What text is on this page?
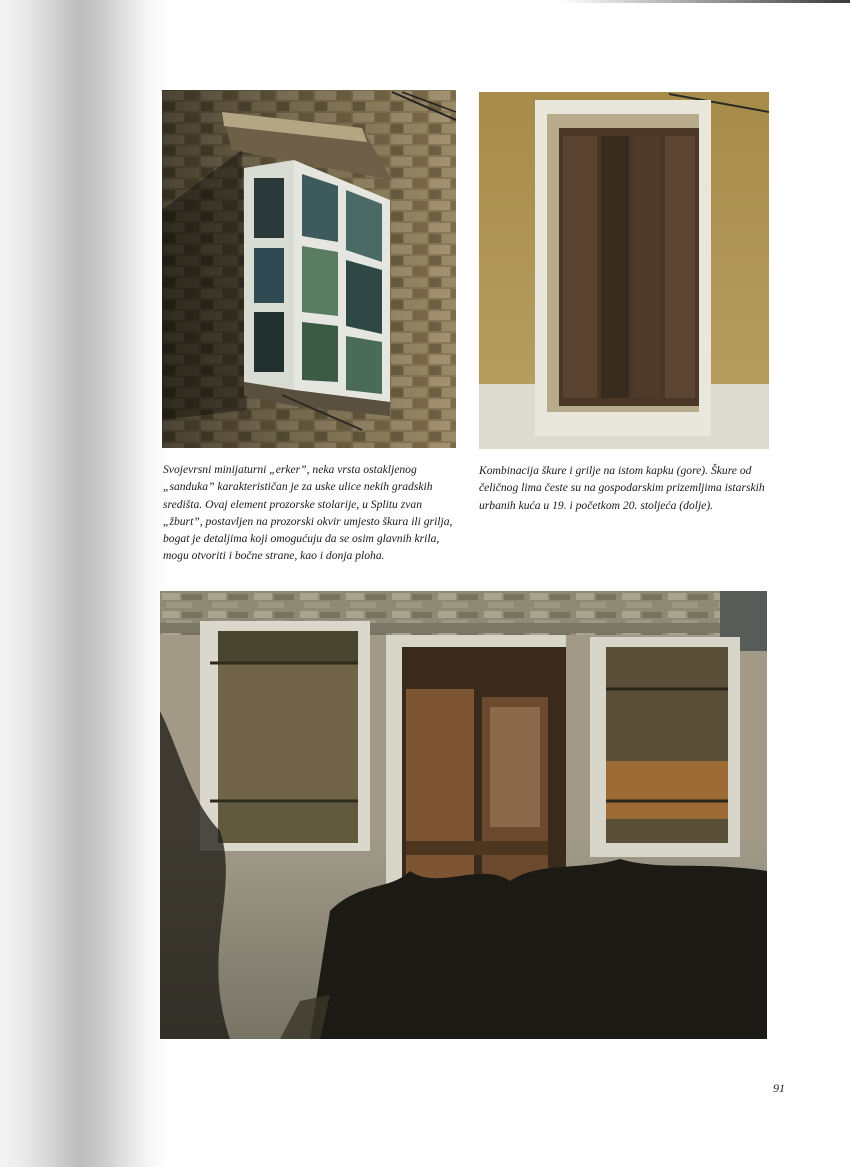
Svojevrsni minijaturni „erker”, neka vrsta ostakljenog „sanduka” karakterističan je za uske ulice nekih gradskih središta. Ovaj element prozorske stolarije, u Splitu zvan „žburt”, postavljen na prozorski okvir umjesto škura ili grilja, bogat je detaljima koji omogućuju da se osim glavnih krila, mogu otvoriti i bočne strane, kao i donja ploha.

Kombinacija škure i grilje na istom kapku (gore). Škure od čeličnog lima česte su na gospodarskim prizemljima istarskih urbanih kuća u 19. i početkom 20. stoljeća (dolje).

91
